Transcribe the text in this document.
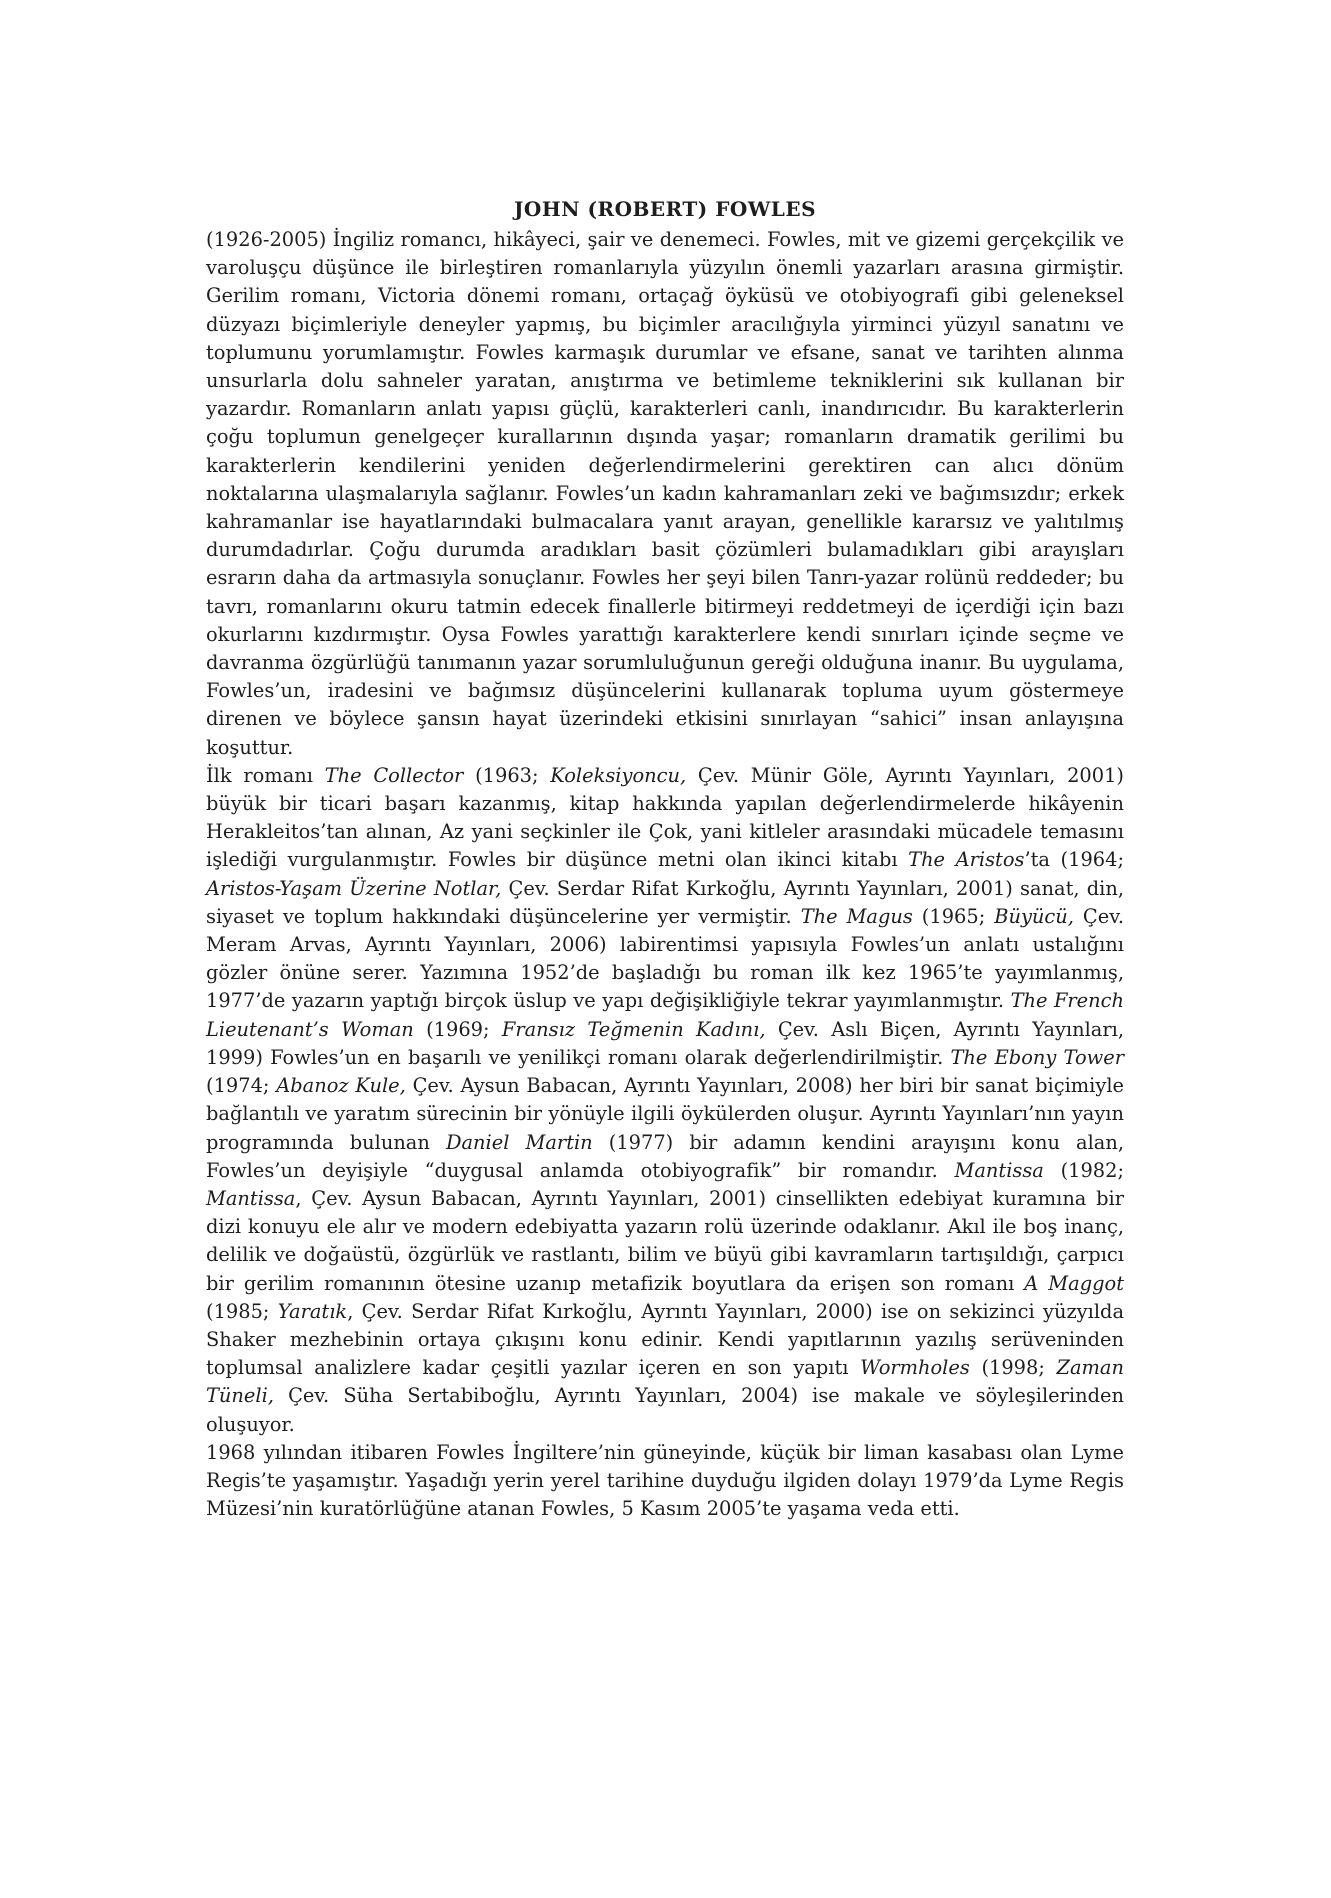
JOHN (ROBERT) FOWLES

(1926-2005) İngiliz romancı, hikâyeci, şair ve denemeci. Fowles, mit ve gizemi gerçekçilik ve varoluşçu düşünce ile birleştiren romanlarıyla yüzyılın önemli yazarları arasına girmiştir. Gerilim romanı, Victoria dönemi romanı, ortaçağ öyküsü ve otobiyografi gibi geleneksel düzyazı biçimleriyle deneyler yapmış, bu biçimler aracılığıyla yirminci yüzyıl sanatını ve toplumunu yorumlamıştır. Fowles karmaşık durumlar ve efsane, sanat ve tarihten alınma unsurlarla dolu sahneler yaratan, anıştırma ve betimleme tekniklerini sık kullanan bir yazardır. Romanların anlatı yapısı güçlü, karakterleri canlı, inandırıcıdır. Bu karakterlerin çoğu toplumun genelgeçer kurallarının dışında yaşar; romanların dramatik gerilimi bu karakterlerin kendilerini yeniden değerlendirmelerini gerektiren can alıcı dönüm noktalarına ulaşmalarıyla sağlanır. Fowles’un kadın kahramanları zeki ve bağımsızdır; erkek kahramanlar ise hayatlarındaki bulmacalara yanıt arayan, genellikle kararsız ve yalıtılmış durumdadırlar. Çoğu durumda aradıkları basit çözümleri bulamadıkları gibi arayışları esrarın daha da artmasıyla sonuçlanır. Fowles her şeyi bilen Tanrı-yazar rolünü reddeder; bu tavrı, romanlarını okuru tatmin edecek finallerle bitirmeyi reddetmeyi de içerdiği için bazı okurlarını kızdırmıştır. Oysa Fowles yarattığı karakterlere kendi sınırları içinde seçme ve davranma özgürlüğü tanımanın yazar sorumluluğunun gereği olduğuna inanır. Bu uygulama, Fowles’un, iradesini ve bağımsız düşüncelerini kullanarak topluma uyum göstermeye direnen ve böylece şansın hayat üzerindeki etkisini sınırlayan “sahici” insan anlayışına koşuttur.

İlk romanı The Collector (1963; Koleksiyoncu, Çev. Münir Göle, Ayrıntı Yayınları, 2001) büyük bir ticari başarı kazanmış, kitap hakkında yapılan değerlendirmelerde hikâyenin Herakleitos’tan alınan, Az yani seçkinler ile Çok, yani kitleler arasındaki mücadele temasını işlediği vurgulanmıştır. Fowles bir düşünce metni olan ikinci kitabı The Aristos’ta (1964; Aristos-Yaşam Üzerine Notlar, Çev. Serdar Rifat Kırkoğlu, Ayrıntı Yayınları, 2001) sanat, din, siyaset ve toplum hakkındaki düşüncelerine yer vermiştir. The Magus (1965; Büyücü, Çev. Meram Arvas, Ayrıntı Yayınları, 2006) labirentimsi yapısıyla Fowles’un anlatı ustalığını gözler önüne serer. Yazımına 1952’de başladığı bu roman ilk kez 1965’te yayımlanmış, 1977’de yazarın yaptığı birçok üslup ve yapı değişikliğiyle tekrar yayımlanmıştır. The French Lieutenant’s Woman (1969; Fransız Teğmenin Kadını, Çev. Aslı Biçen, Ayrıntı Yayınları, 1999) Fowles’un en başarılı ve yenilikçi romanı olarak değerlendirilmiştir. The Ebony Tower (1974; Abanoz Kule, Çev. Aysun Babacan, Ayrıntı Yayınları, 2008) her biri bir sanat biçimiyle bağlantılı ve yaratım sürecinin bir yönüyle ilgili öykülerden oluşur. Ayrıntı Yayınları’nın yayın programında bulunan Daniel Martin (1977) bir adamın kendini arayışını konu alan, Fowles’un deyişiyle “duygusal anlamda otobiyografik” bir romandır. Mantissa (1982; Mantissa, Çev. Aysun Babacan, Ayrıntı Yayınları, 2001) cinsellikten edebiyat kuramına bir dizi konuyu ele alır ve modern edebiyatta yazarın rolü üzerinde odaklanır. Akıl ile boş inanç, delilik ve doğaüstü, özgürlük ve rastlantı, bilim ve büyü gibi kavramların tartışıldığı, çarpıcı bir gerilim romanının ötesine uzanıp metafizik boyutlara da erişen son romanı A Maggot (1985; Yaratık, Çev. Serdar Rifat Kırkoğlu, Ayrıntı Yayınları, 2000) ise on sekizinci yüzyılda Shaker mezhebinin ortaya çıkışını konu edinir. Kendi yapıtlarının yazılış serüveninden toplumsal analizlere kadar çeşitli yazılar içeren en son yapıtı Wormholes (1998; Zaman Tüneli, Çev. Süha Sertabiboğlu, Ayrıntı Yayınları, 2004) ise makale ve söyleşilerinden oluşuyor.

1968 yılından itibaren Fowles İngiltere’nin güneyinde, küçük bir liman kasabası olan Lyme Regis’te yaşamıştır. Yaşadığı yerin yerel tarihine duyduğu ilgiden dolayı 1979’da Lyme Regis Müzesi’nin kuratörlüğüne atanan Fowles, 5 Kasım 2005’te yaşama veda etti.
